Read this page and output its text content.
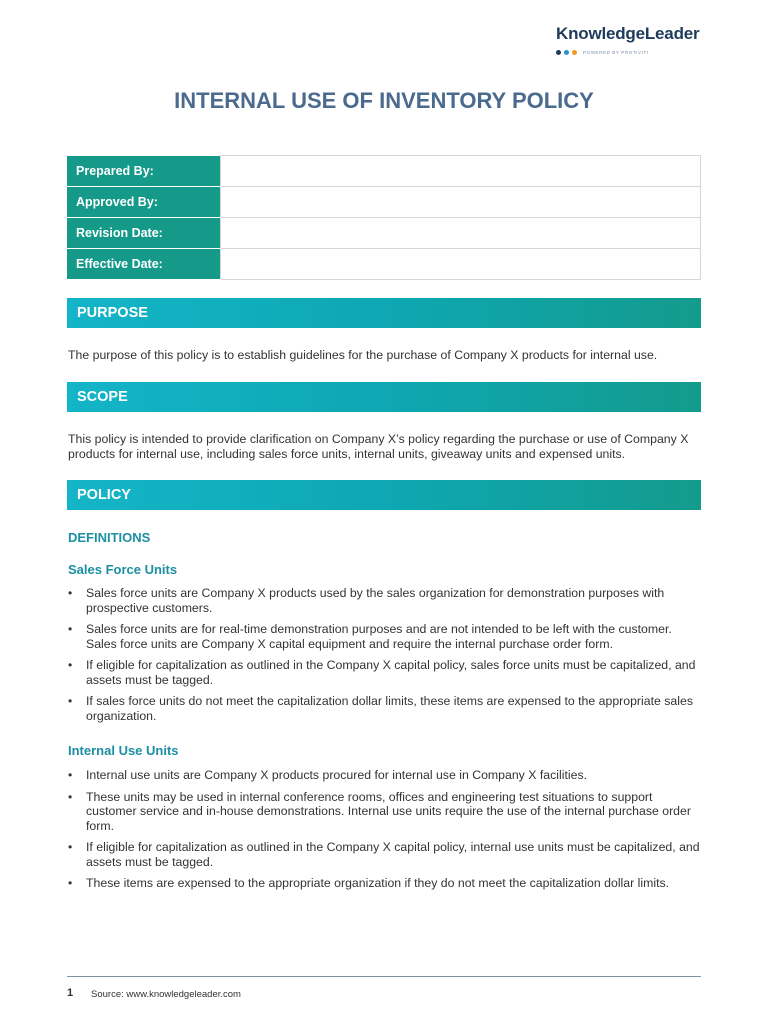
KnowledgeLeader
POWERED BY PROTIVITI
INTERNAL USE OF INVENTORY POLICY
Prepared By:	
Approved By:	
Revision Date:	
Effective Date:	
PURPOSE
The purpose of this policy is to establish guidelines for the purchase of Company X products for internal use.
SCOPE
This policy is intended to provide clarification on Company X’s policy regarding the purchase or use of Company X products for internal use, including sales force units, internal units, giveaway units and expensed units.
POLICY
DEFINITIONS
Sales Force Units
• Sales force units are Company X products used by the sales organization for demonstration purposes with prospective customers.
• Sales force units are for real-time demonstration purposes and are not intended to be left with the customer. Sales force units are Company X capital equipment and require the internal purchase order form.
• If eligible for capitalization as outlined in the Company X capital policy, sales force units must be capitalized, and assets must be tagged.
• If sales force units do not meet the capitalization dollar limits, these items are expensed to the appropriate sales organization.
Internal Use Units
• Internal use units are Company X products procured for internal use in Company X facilities.
• These units may be used in internal conference rooms, offices and engineering test situations to support customer service and in-house demonstrations. Internal use units require the use of the internal purchase order form.
• If eligible for capitalization as outlined in the Company X capital policy, internal use units must be capitalized, and assets must be tagged.
• These items are expensed to the appropriate organization if they do not meet the capitalization dollar limits.
1 Source: www.knowledgeleader.com
